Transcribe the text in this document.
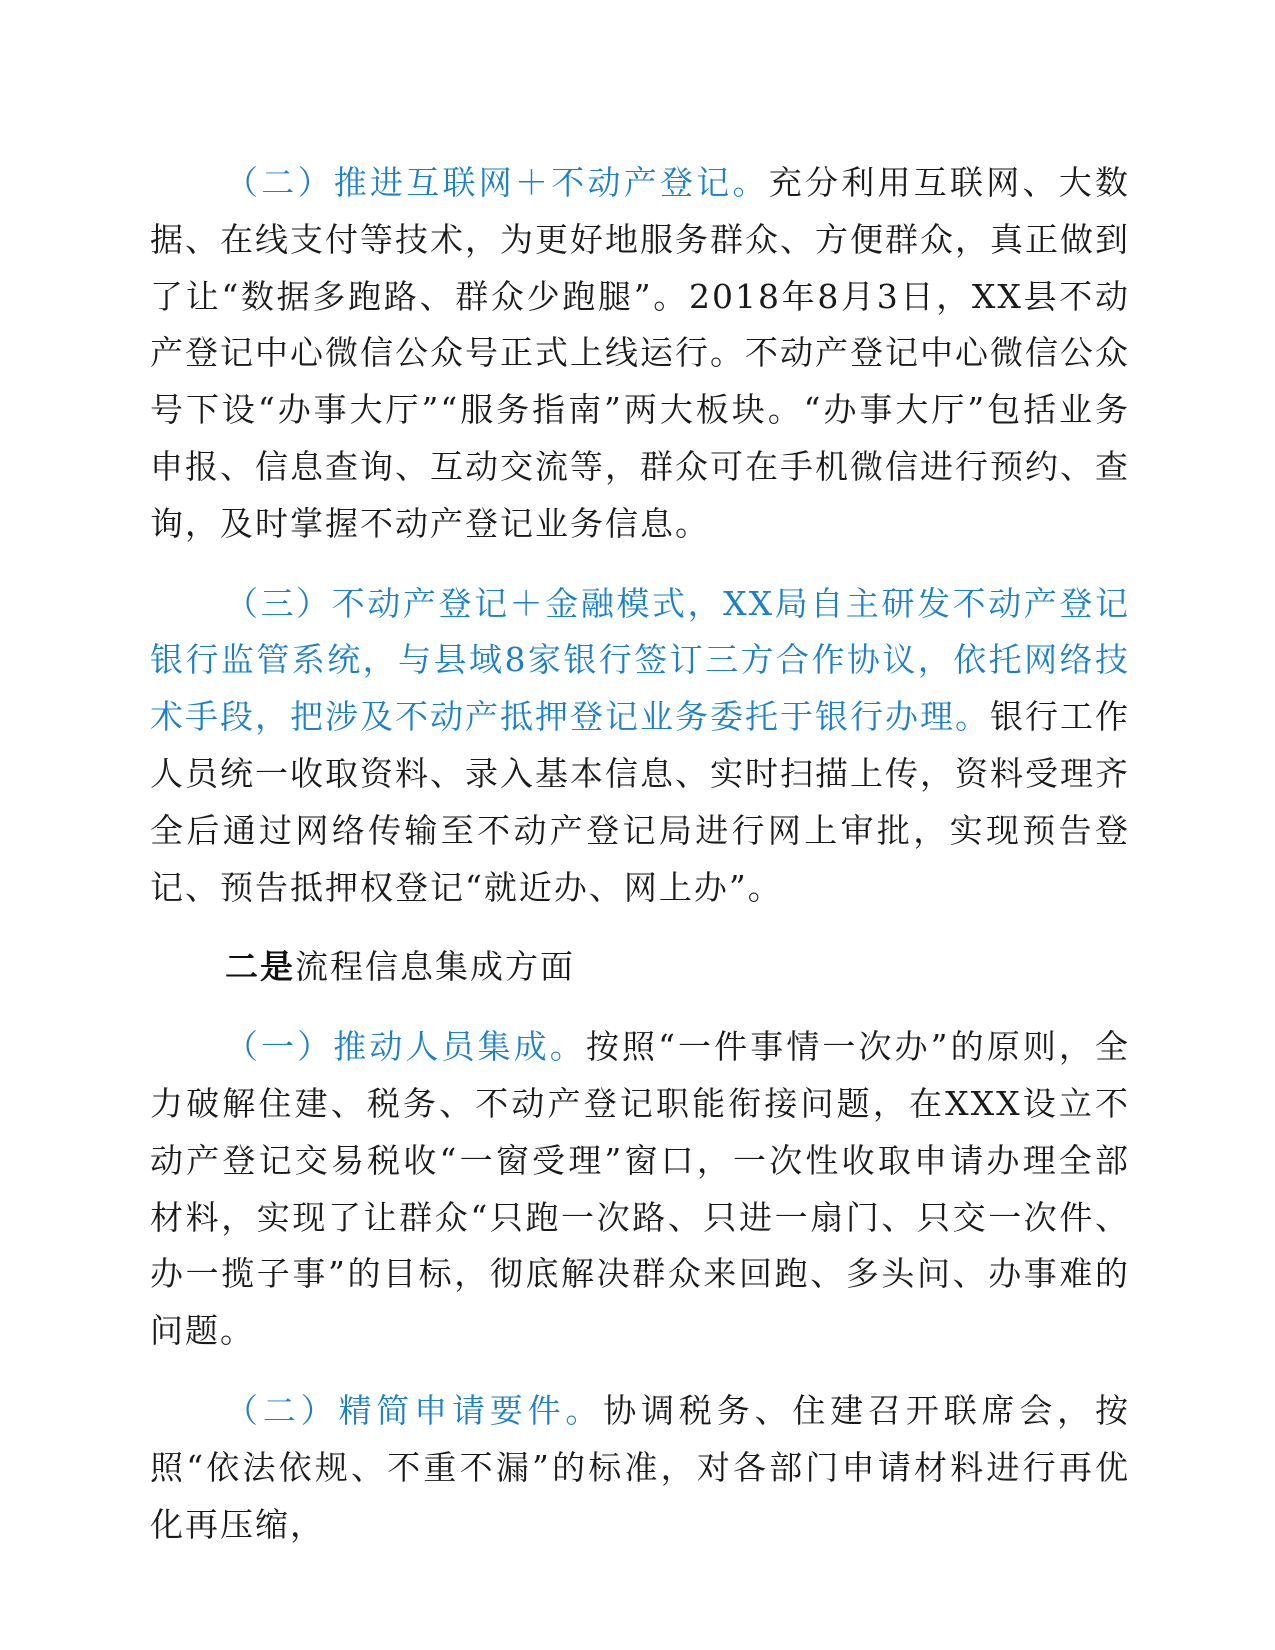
（二）推进互联网＋不动产登记。充分利用互联网、大数据、在线支付等技术，为更好地服务群众、方便群众，真正做到了让“数据多跑路、群众少跑腿”。2018年8月3日，XX县不动产登记中心微信公众号正式上线运行。不动产登记中心微信公众号下设“办事大厅”“服务指南”两大板块。“办事大厅”包括业务申报、信息查询、互动交流等，群众可在手机微信进行预约、查询，及时掌握不动产登记业务信息。

（三）不动产登记＋金融模式，XX局自主研发不动产登记银行监管系统，与县域8家银行签订三方合作协议，依托网络技术手段，把涉及不动产抵押登记业务委托于银行办理。银行工作人员统一收取资料、录入基本信息、实时扫描上传，资料受理齐全后通过网络传输至不动产登记局进行网上审批，实现预告登记、预告抵押权登记“就近办、网上办”。

二是流程信息集成方面

（一）推动人员集成。按照“一件事情一次办”的原则，全力破解住建、税务、不动产登记职能衔接问题，在XXX设立不动产登记交易税收“一窗受理”窗口，一次性收取申请办理全部材料，实现了让群众“只跑一次路、只进一扇门、只交一次件、办一揽子事”的目标，彻底解决群众来回跑、多头问、办事难的问题。

（二）精简申请要件。协调税务、住建召开联席会，按照“依法依规、不重不漏”的标准，对各部门申请材料进行再优化再压缩，
